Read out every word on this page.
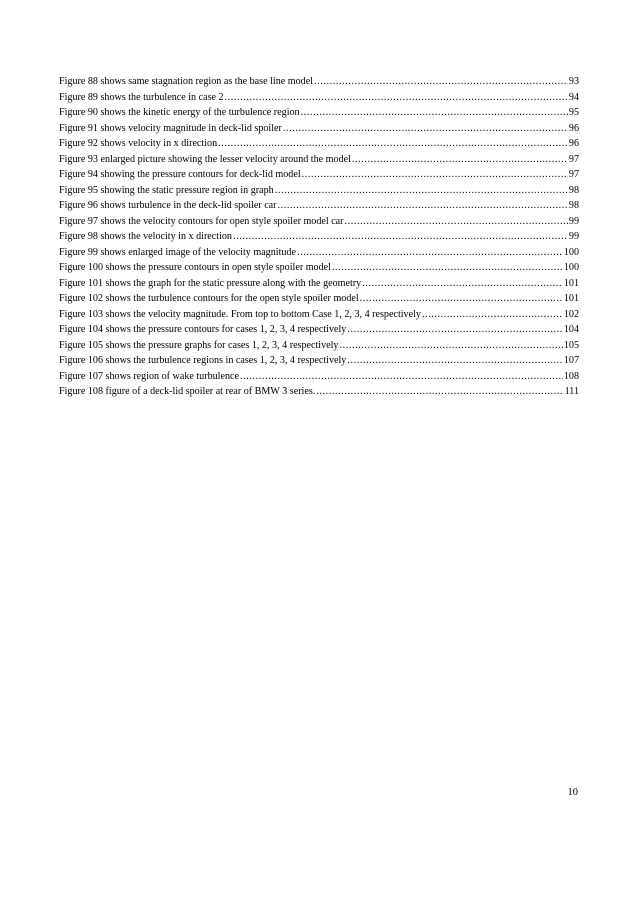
Figure 88 shows same stagnation region as the base line model .....	93
Figure 89 shows the turbulence in case 2 .....	94
Figure 90 shows the kinetic energy of the turbulence region .....	95
Figure 91 shows velocity magnitude in deck-lid spoiler .....	96
Figure 92 shows velocity in x direction .....	96
Figure 93 enlarged picture showing the lesser velocity around the model .....	97
Figure 94 showing the pressure contours for deck-lid model .....	97
Figure 95 showing the static pressure region in graph .....	98
Figure 96 shows turbulence in the deck-lid spoiler car .....	98
Figure 97 shows the velocity contours for open style spoiler model car .....	99
Figure 98 shows the velocity in x direction .....	99
Figure 99 shows enlarged image of the velocity magnitude .....	100
Figure 100 shows the pressure contours in open style spoiler model .....	100
Figure 101 shows the graph for the static pressure along with the geometry .....	101
Figure 102 shows the turbulence contours for the open style spoiler model .....	101
Figure 103 shows the velocity magnitude. From top to bottom Case 1, 2, 3, 4 respectively .....	102
Figure 104 shows the pressure contours for cases 1, 2, 3, 4 respectively .....	104
Figure 105 shows the pressure graphs for cases 1, 2, 3, 4 respectively .....	105
Figure 106 shows the turbulence regions in cases 1, 2, 3, 4 respectively .....	107
Figure 107 shows region of wake turbulence .....	108
Figure 108 figure of a deck-lid spoiler at rear of BMW 3 series. .....	111
10
